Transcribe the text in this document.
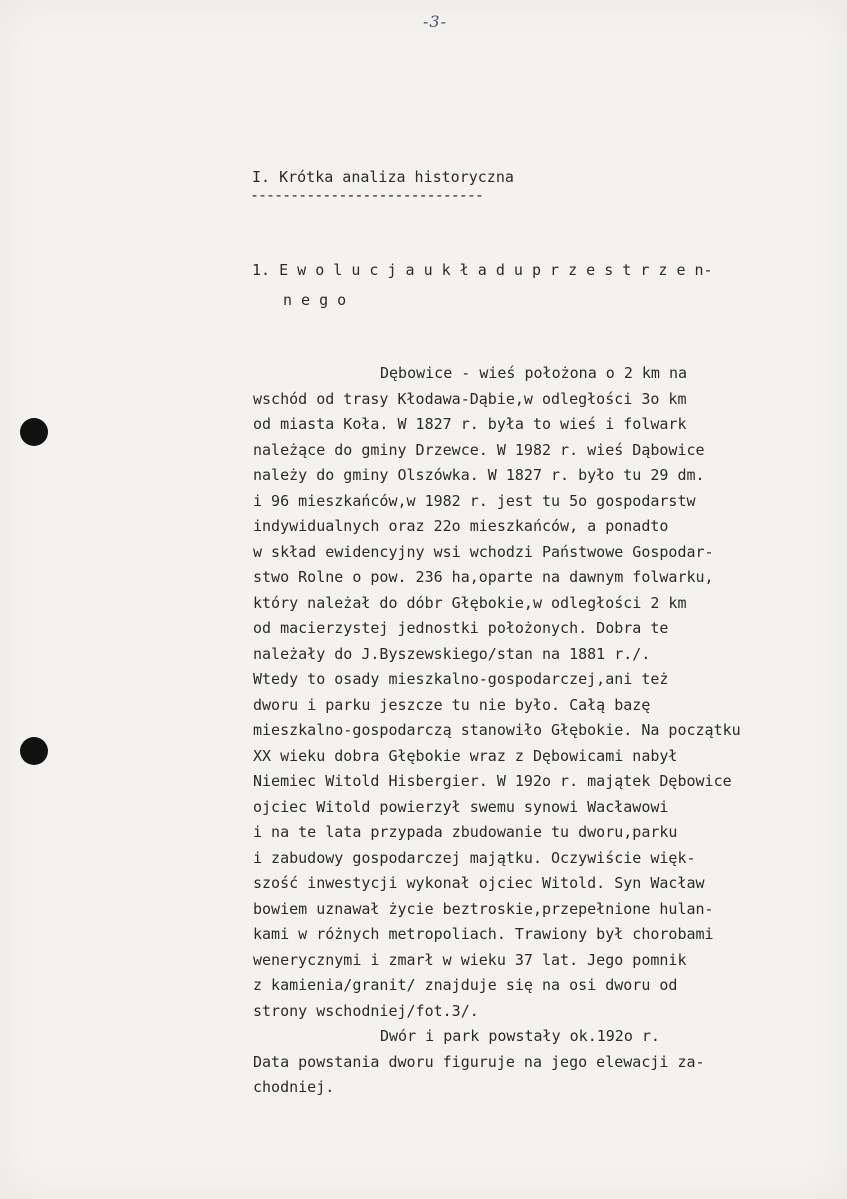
-3-
I. Krótka analiza historyczna
-----------------------------
1. E w o l u c j a u k ł a d u p r z e s t r z e n-
n e g o
Dębowice - wieś położona o 2 km na
wschód od trasy Kłodawa-Dąbie,w odległości 3o km
od miasta Koła. W 1827 r. była to wieś i folwark
należące do gminy Drzewce. W 1982 r. wieś Dąbowice
należy do gminy Olszówka. W 1827 r. było tu 29 dm.
i 96 mieszkańców,w 1982 r. jest tu 5o gospodarstw
indywidualnych oraz 22o mieszkańców, a ponadto
w skład ewidencyjny wsi wchodzi Państwowe Gospodar-
stwo Rolne o pow. 236 ha,oparte na dawnym folwarku,
który należał do dóbr Głębokie,w odległości 2 km
od macierzystej jednostki położonych. Dobra te
należały do J.Byszewskiego/stan na 1881 r./.
Wtedy to osady mieszkalno-gospodarczej,ani też
dworu i parku jeszcze tu nie było. Całą bazę
mieszkalno-gospodarczą stanowiło Głębokie. Na początku
XX wieku dobra Głębokie wraz z Dębowicami nabył
Niemiec Witold Hisbergier. W 192o r. majątek Dębowice
ojciec Witold powierzył swemu synowi Wacławowi
i na te lata przypada zbudowanie tu dworu,parku
i zabudowy gospodarczej majątku. Oczywiście więk-
szość inwestycji wykonał ojciec Witold. Syn Wacław
bowiem uznawał życie beztroskie,przepełnione hulan-
kami w różnych metropoliach. Trawiony był chorobami
wenerycznymi i zmarł w wieku 37 lat. Jego pomnik
z kamienia/granit/ znajduje się na osi dworu od
strony wschodniej/fot.3/.
Dwór i park powstały ok.192o r.
Data powstania dworu figuruje na jego elewacji za-
chodniej.
